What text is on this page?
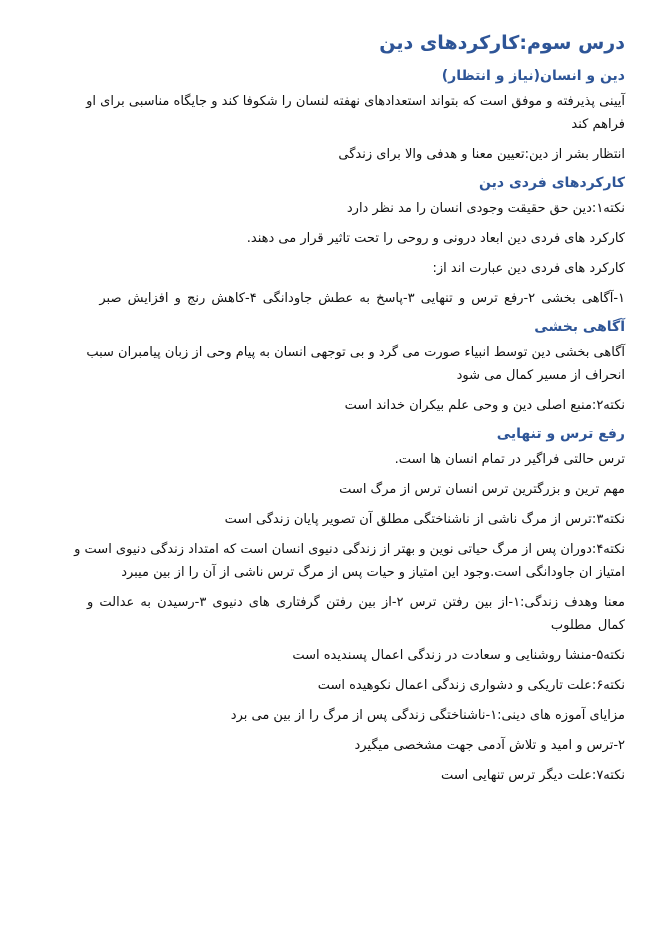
درس سوم:کارکردهای دین
دین و انسان(نیاز و انتظار)

آیینی پذیرفته و موفق است که بتواند استعدادهای نهفته لنسان را شکوفا کند و جایگاه مناسبی برای او فراهم کند

انتظار بشر از دین:تعیین معنا و هدفی والا برای زندگی

کارکردهای فردی دین

نکته۱:دین حق حقیقت وجودی انسان را مد نظر دارد

کارکرد های فردی دین ابعاد درونی و روحی را تحت تاثیر قرار می دهند.

کارکرد های فردی دین عبارت اند از:

۱-آگاهی بخشی ۲-رفع ترس و تنهایی ۳-پاسخ به عطش جاودانگی ۴-کاهش رنج و افزایش صبر

آگاهی بخشی

آگاهی بخشی دین توسط انبیاء صورت می گرد و بی توجهی انسان به پیام وحی از زبان پیامبران سبب انحراف از مسیر کمال می شود

نکته۲:منبع اصلی دین و وحی علم بیکران خداند است

رفع ترس و تنهایی

ترس حالتی فراگیر در تمام انسان ها است.

مهم ترین و بزرگترین ترس انسان ترس از مرگ است

نکته۳:ترس از مرگ ناشی از ناشناختگی مطلق آن تصویر پایان زندگی است

نکته۴:دوران پس از مرگ حیاتی نوین و بهتر از زندگی دنیوی انسان است که امتداد زندگی دنیوی است و امتیاز ان جاودانگی است.وجود این امتیاز و حیات پس از مرگ ترس ناشی از آن را از بین میبرد

معنا وهدف زندگی:۱-از بین رفتن ترس ۲-از بین رفتن گرفتاری های دنیوی ۳-رسیدن به عدالت و کمال مطلوب

نکته۵-منشا روشنایی و سعادت در زندگی اعمال پسندیده است

نکته۶:علت تاریکی و دشواری زندگی اعمال نکوهیده است

مزایای آموزه های دینی:۱-ناشناختگی زندگی پس از مرگ را از بین می برد

۲-ترس و امید و تلاش آدمی جهت مشخصی میگیرد

نکته۷:علت دیگر ترس تنهایی است
